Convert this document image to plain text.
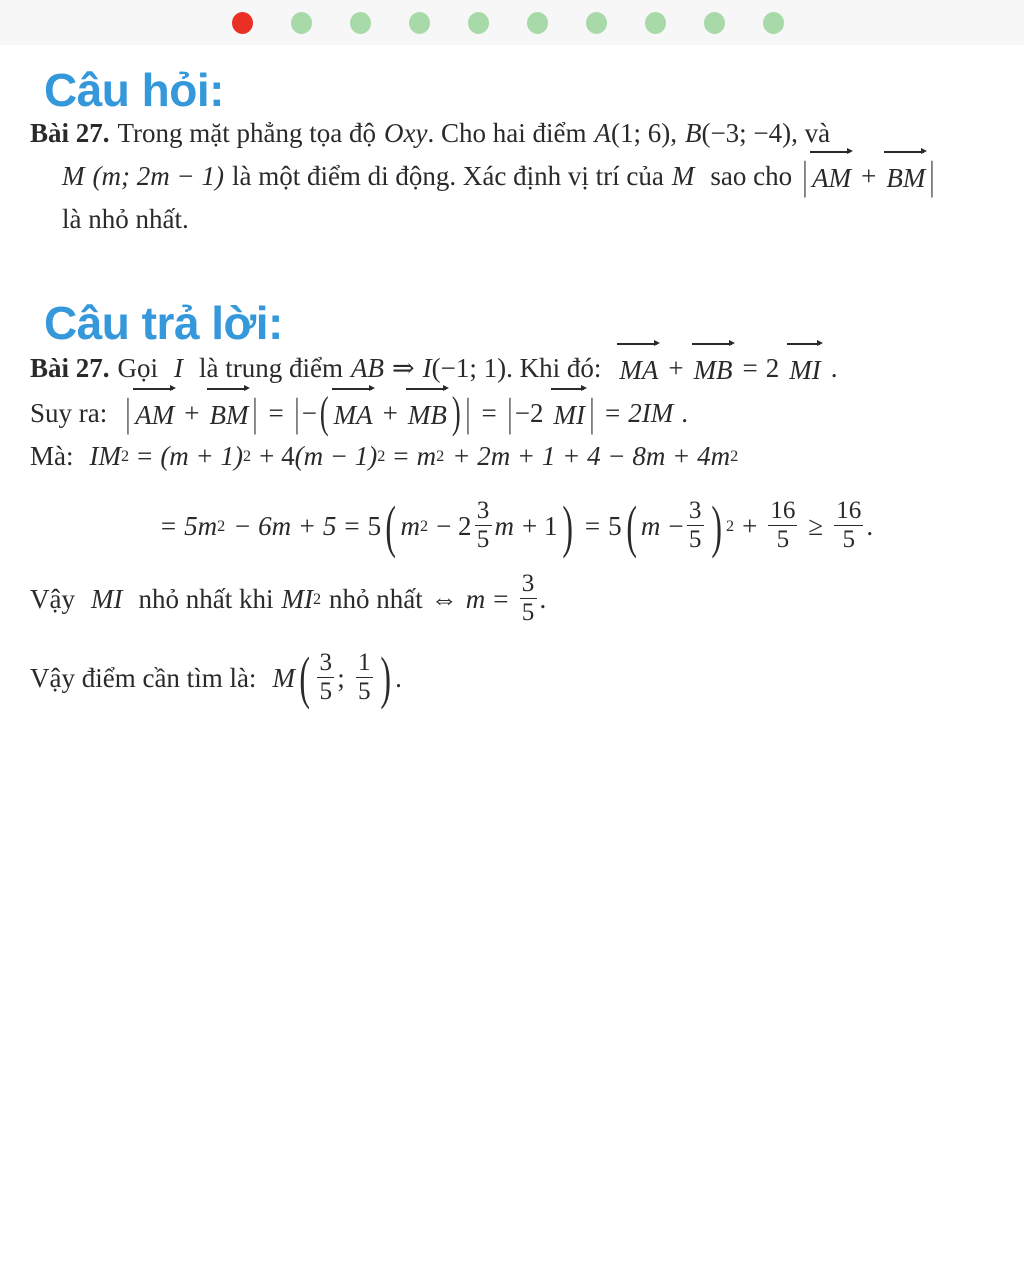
Câu hỏi:
Bài 27. Trong mặt phẳng tọa độ Oxy . Cho hai điểm A (1; 6) , B (−3; −4) , và
M (m; 2m − 1) là một điểm di động. Xác định vị trí của M sao cho | AM + BM |
là nhỏ nhất.
Câu trả lời:
Bài 27. Gọi I là trung điểm AB ⇒ I (−1; 1) . Khi đó: MA + MB = 2 MI .
Suy ra: | AM + BM | = | − ( MA + MB ) | = | −2 MI | = 2IM .
Mà: IM 2 = (m + 1) 2 + 4 (m − 1) 2 = m 2 + 2m + 1 + 4 − 8m + 4m 2
= 5m 2 − 6m + 5 = 5 ( m $2 - 2 \frac{3}{5}$ m + 1 ) = 5 ( $m - \frac{3}{5}$ ) $2 + \frac{16}{5} \ge \frac{16}{5}$ .
Vậy MI nhỏ nhất khi MI 2 nhỏ nhất ⇔ $m = \frac{3}{5}$ .
Vậy điểm cần tìm là: M ( $\frac{3}{5}$ ; $\frac{1}{5}$ ) .
